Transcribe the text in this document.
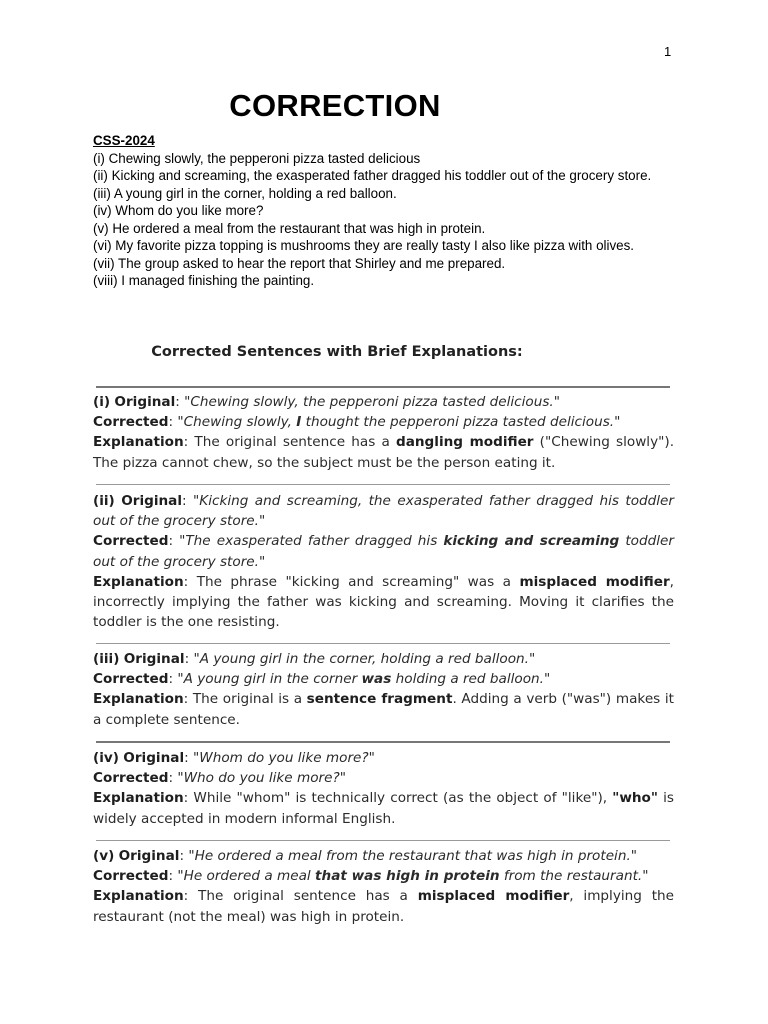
1
CORRECTION
CSS-2024
(i) Chewing slowly, the pepperoni pizza tasted delicious
(ii) Kicking and screaming, the exasperated father dragged his toddler out of the grocery store.
(iii) A young girl in the corner, holding a red balloon.
(iv) Whom do you like more?
(v) He ordered a meal from the restaurant that was high in protein.
(vi) My favorite pizza topping is mushrooms they are really tasty I also like pizza with olives.
(vii) The group asked to hear the report that Shirley and me prepared.
(viii) I managed finishing the painting.
Corrected Sentences with Brief Explanations:

(i) Original: "Chewing slowly, the pepperoni pizza tasted delicious."

Corrected: "Chewing slowly, I thought the pepperoni pizza tasted delicious."

Explanation: The original sentence has a dangling modifier ("Chewing slowly"). The pizza cannot chew, so the subject must be the person eating it.

(ii) Original: "Kicking and screaming, the exasperated father dragged his toddler out of the grocery store."

Corrected: "The exasperated father dragged his kicking and screaming toddler out of the grocery store."

Explanation: The phrase "kicking and screaming" was a misplaced modifier, incorrectly implying the father was kicking and screaming. Moving it clarifies the toddler is the one resisting.

(iii) Original: "A young girl in the corner, holding a red balloon."

Corrected: "A young girl in the corner was holding a red balloon."

Explanation: The original is a sentence fragment. Adding a verb ("was") makes it a complete sentence.

(iv) Original: "Whom do you like more?"

Corrected: "Who do you like more?"

Explanation: While "whom" is technically correct (as the object of "like"), "who" is widely accepted in modern informal English.

(v) Original: "He ordered a meal from the restaurant that was high in protein."

Corrected: "He ordered a meal that was high in protein from the restaurant."

Explanation: The original sentence has a misplaced modifier, implying the restaurant (not the meal) was high in protein.
